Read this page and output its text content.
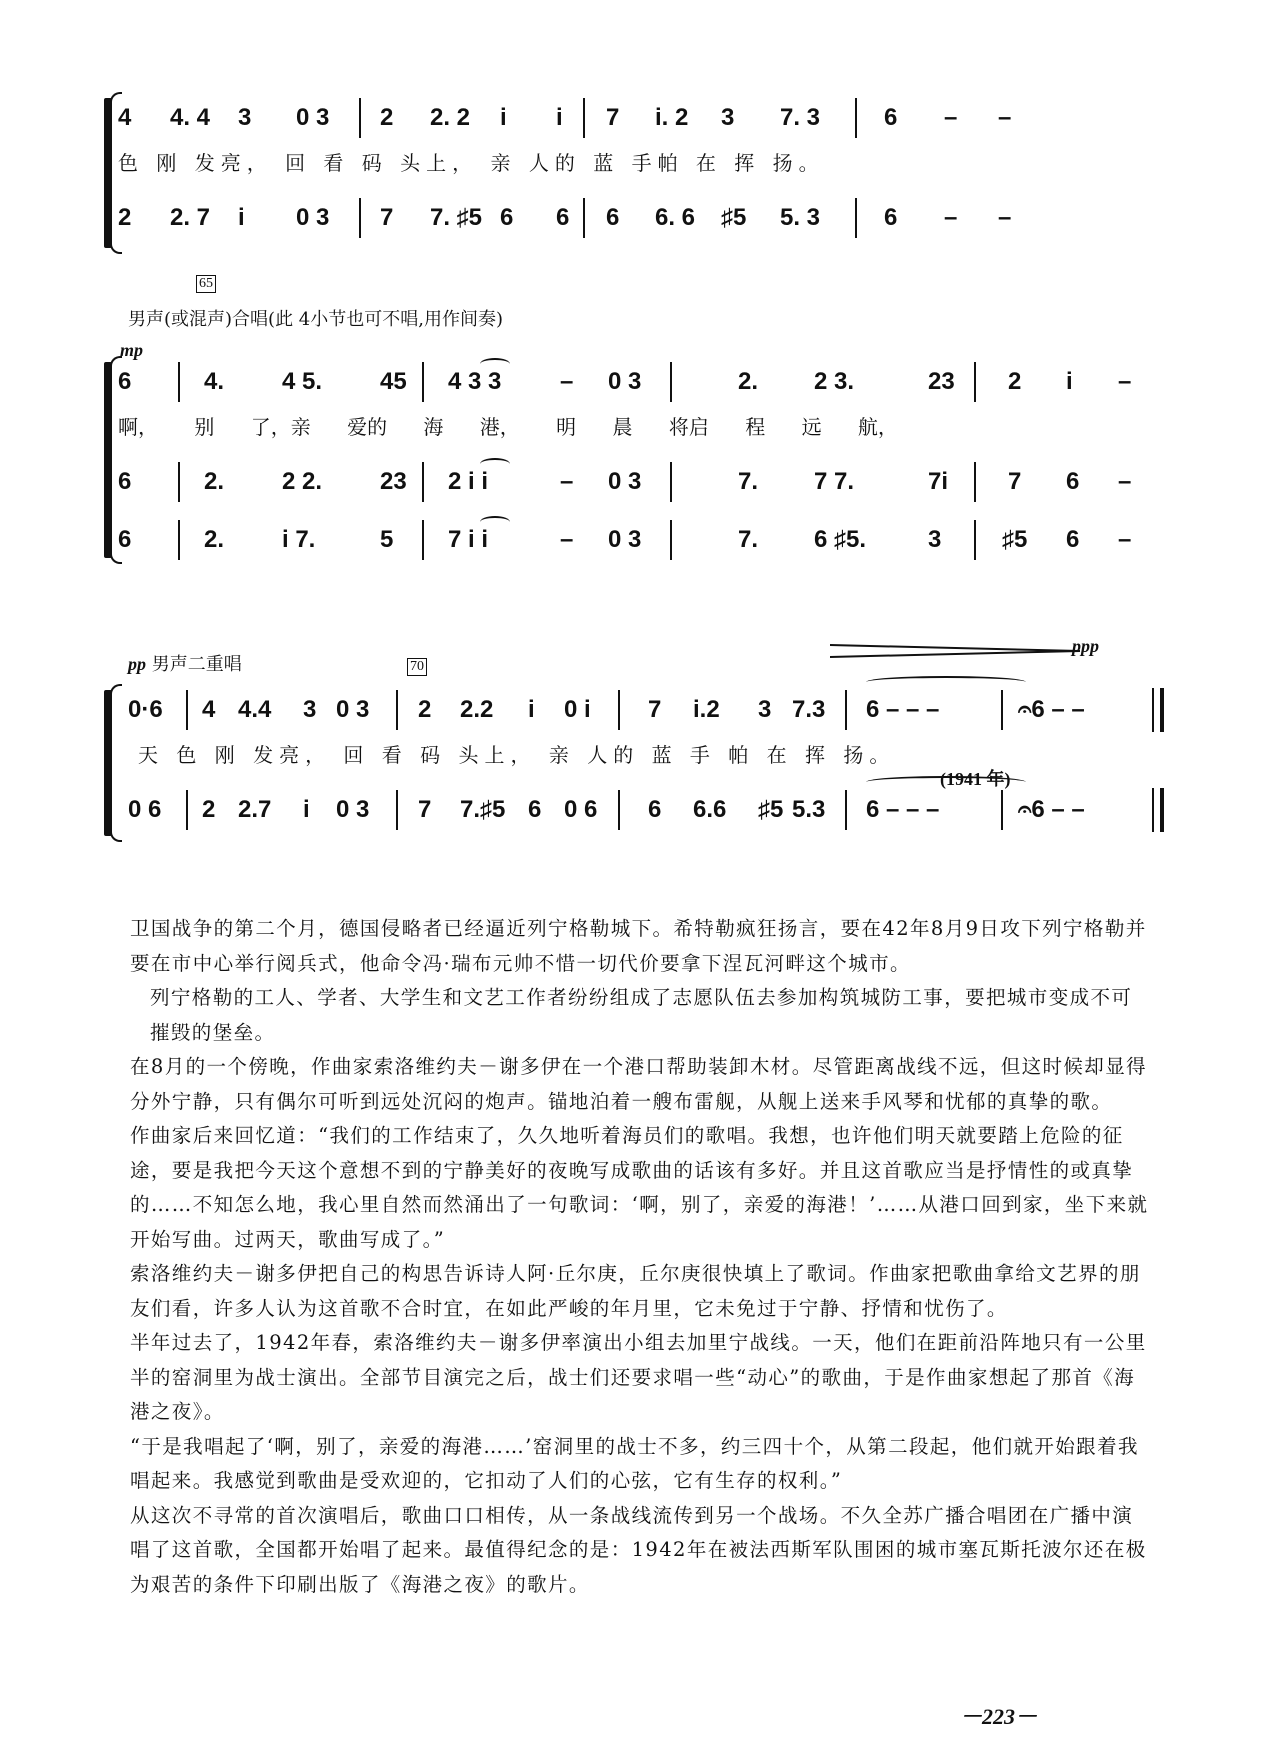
4 4. 4 3 0 3 2 2. 2 i i 7 i. 2 3 7. 3	6 – –
色 刚 发亮， 回 看 码 头上， 亲 人的 蓝 手帕 在 挥 扬。
2 2. 7 i 0 3 7 7. ♯5 6 6 6 6. 6 ♯5 5. 3	6 – –
65
男声(或混声)合唱(此 4小节也可不唱,用作间奏)
mp
6	4. 4 5. 45 4 3 3 – 0 3	2. 2 3.	23 2 i –
啊， 别 了，亲 爱的 海 港， 明 晨 将启 程 远 航，
6	2. 2 2. 23 2 i i	– 0 3	7. 7 7.	7i 7 6 –
6	2. i 7.	5 7 i i	– 0 3	7. 6 ♯5.	3	♯5 6 –
pp 男声二重唱	70
ppp
0·6 4 4.4 3 0 3 2 2.2 i 0 i 7 i.2 3 7.3 6 – – –	𝄐6 – –
天 色 刚 发亮， 回 看 码 头上， 亲 人的 蓝 手 帕 在 挥 扬。
0 6 2 2.7 i 0 3 7 7.♯5 6 0 6 6 6.6 ♯5 5.3 6 – – –	𝄐6 – –
(1941 年)

卫国战争的第二个月，德国侵略者已经逼近列宁格勒城下。希特勒疯狂扬言，要在42年8月9日攻下列宁格勒并要在市中心举行阅兵式，他命令冯·瑞布元帅不惜一切代价要拿下涅瓦河畔这个城市。

列宁格勒的工人、学者、大学生和文艺工作者纷纷组成了志愿队伍去参加构筑城防工事，要把城市变成不可摧毁的堡垒。

在8月的一个傍晚，作曲家索洛维约夫－谢多伊在一个港口帮助装卸木材。尽管距离战线不远，但这时候却显得分外宁静，只有偶尔可听到远处沉闷的炮声。锚地泊着一艘布雷舰，从舰上送来手风琴和忧郁的真挚的歌。

作曲家后来回忆道：“我们的工作结束了，久久地听着海员们的歌唱。我想，也许他们明天就要踏上危险的征途，要是我把今天这个意想不到的宁静美好的夜晚写成歌曲的话该有多好。并且这首歌应当是抒情性的或真挚的……不知怎么地，我心里自然而然涌出了一句歌词：‘啊，别了，亲爱的海港！’……从港口回到家，坐下来就开始写曲。过两天，歌曲写成了。”

索洛维约夫－谢多伊把自己的构思告诉诗人阿·丘尔庚，丘尔庚很快填上了歌词。作曲家把歌曲拿给文艺界的朋友们看，许多人认为这首歌不合时宜，在如此严峻的年月里，它未免过于宁静、抒情和忧伤了。

半年过去了，1942年春，索洛维约夫－谢多伊率演出小组去加里宁战线。一天，他们在距前沿阵地只有一公里半的窑洞里为战士演出。全部节目演完之后，战士们还要求唱一些“动心”的歌曲，于是作曲家想起了那首《海港之夜》。

“于是我唱起了‘啊，别了，亲爱的海港……’窑洞里的战士不多，约三四十个，从第二段起，他们就开始跟着我唱起来。我感觉到歌曲是受欢迎的，它扣动了人们的心弦，它有生存的权利。”

从这次不寻常的首次演唱后，歌曲口口相传，从一条战线流传到另一个战场。不久全苏广播合唱团在广播中演唱了这首歌，全国都开始唱了起来。最值得纪念的是：1942年在被法西斯军队围困的城市塞瓦斯托波尔还在极为艰苦的条件下印刷出版了《海港之夜》的歌片。

－223－
